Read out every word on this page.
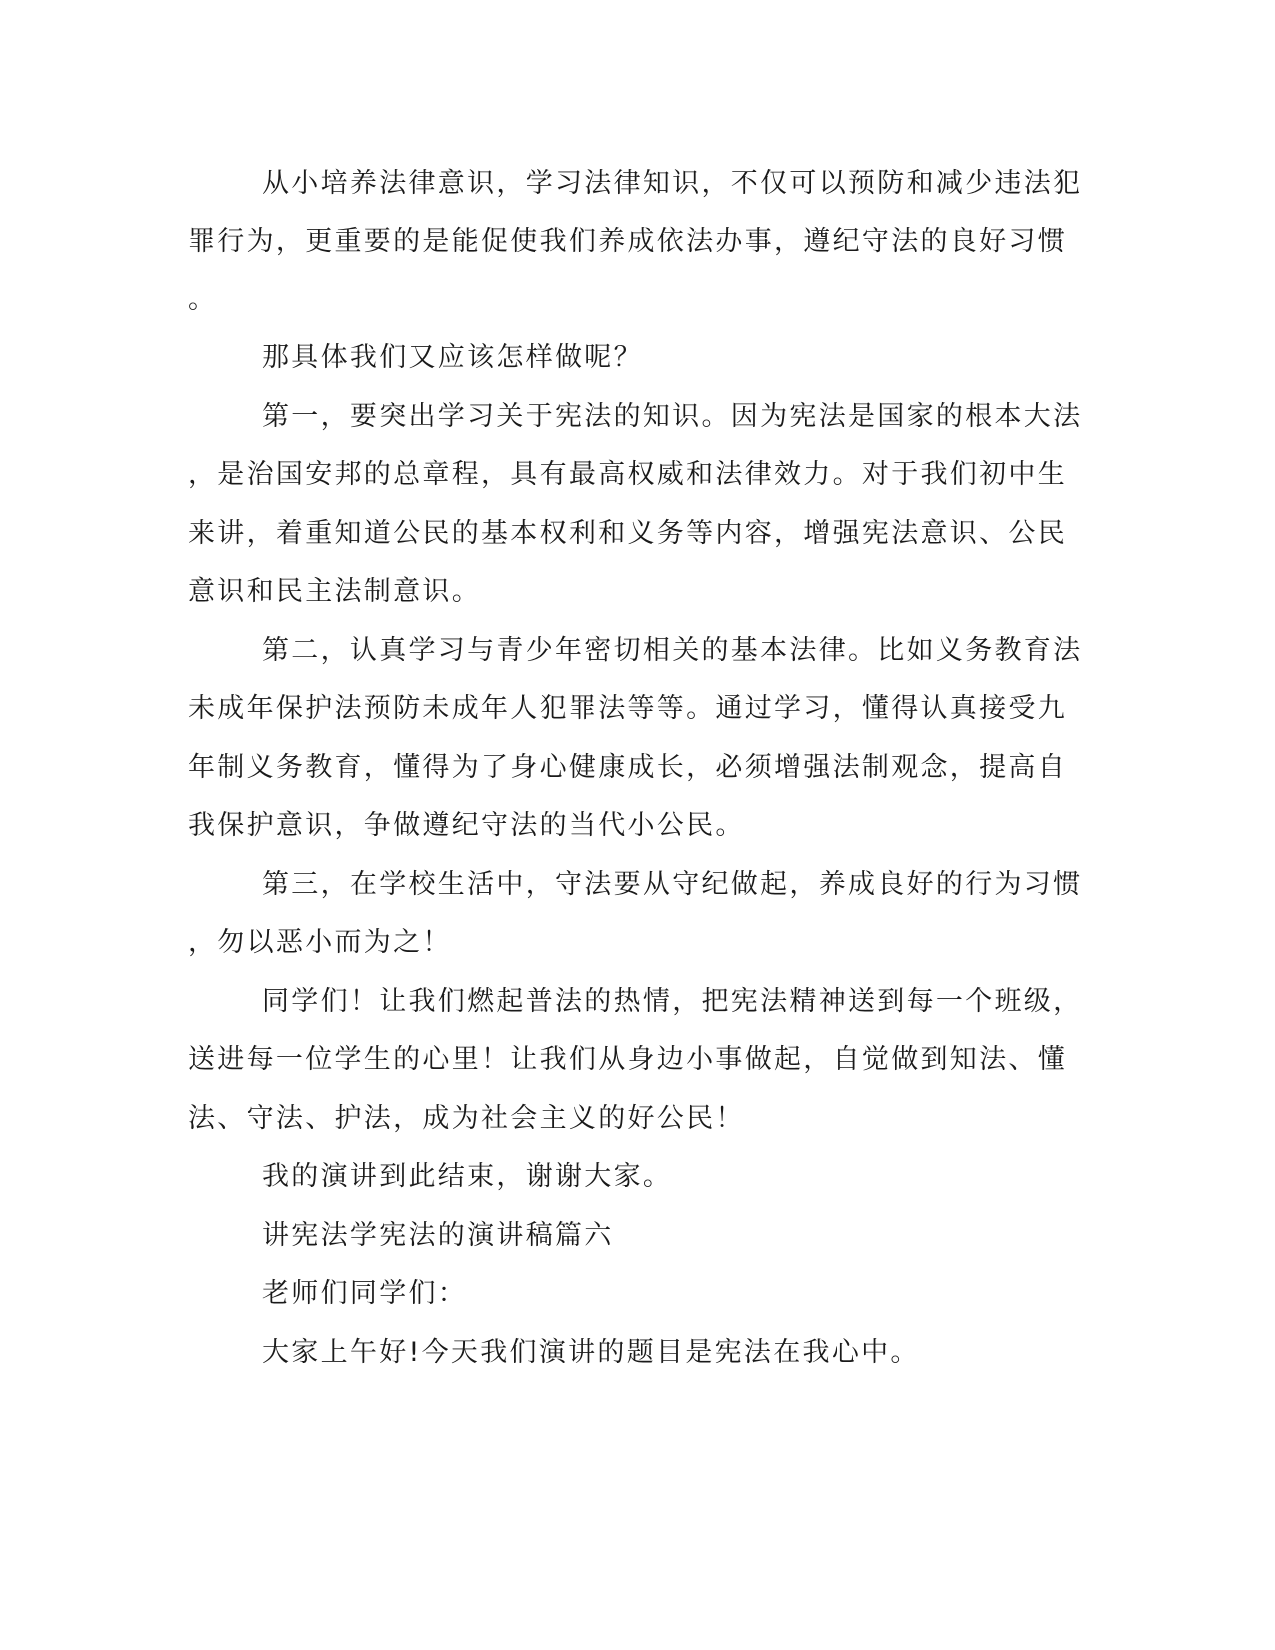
从小培养法律意识，学习法律知识，不仅可以预防和减少违法犯
罪行为，更重要的是能促使我们养成依法办事，遵纪守法的良好习惯
。
那具体我们又应该怎样做呢？
第一，要突出学习关于宪法的知识。因为宪法是国家的根本大法
，是治国安邦的总章程，具有最高权威和法律效力。对于我们初中生
来讲，着重知道公民的基本权利和义务等内容，增强宪法意识、公民
意识和民主法制意识。
第二，认真学习与青少年密切相关的基本法律。比如义务教育法
未成年保护法预防未成年人犯罪法等等。通过学习，懂得认真接受九
年制义务教育，懂得为了身心健康成长，必须增强法制观念，提高自
我保护意识，争做遵纪守法的当代小公民。
第三，在学校生活中，守法要从守纪做起，养成良好的行为习惯
，勿以恶小而为之！
同学们！让我们燃起普法的热情，把宪法精神送到每一个班级，
送进每一位学生的心里！让我们从身边小事做起，自觉做到知法、懂
法、守法、护法，成为社会主义的好公民！
我的演讲到此结束，谢谢大家。
讲宪法学宪法的演讲稿篇六
老师们同学们：
大家上午好!今天我们演讲的题目是宪法在我心中。
